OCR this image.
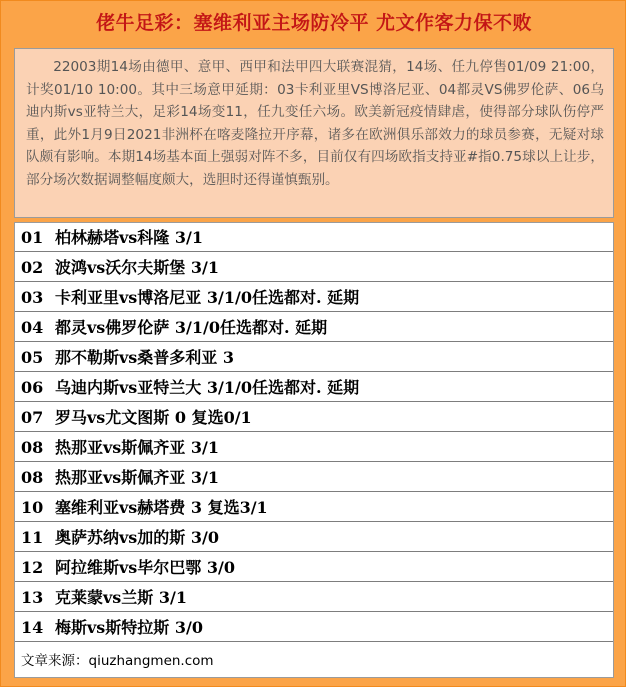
佬牛足彩：塞维利亚主场防冷平 尤文作客力保不败
22003期14场由德甲、意甲、西甲和法甲四大联赛混猜，14场、任九停售01/09 21:00，计奖01/10 10:00。其中三场意甲延期：03卡利亚里VS博洛尼亚、04都灵VS佛罗伦萨、06乌迪内斯vs亚特兰大，足彩14场变11，任九变任六场。欧美新冠疫情肆虐，使得部分球队伤停严重，此外1月9日2021非洲杯在喀麦隆拉开序幕，诸多在欧洲俱乐部效力的球员参赛，无疑对球队颇有影响。本期14场基本面上强弱对阵不多，目前仅有四场欧指支持亚#指0.75球以上让步，部分场次数据调整幅度颇大，选胆时还得谨慎甄别。
01 柏林赫塔vs科隆 3/1
02 波鸿vs沃尔夫斯堡 3/1
03 卡利亚里vs博洛尼亚 3/1/0任选都对. 延期
04 都灵vs佛罗伦萨 3/1/0任选都对. 延期
05 那不勒斯vs桑普多利亚 3
06 乌迪内斯vs亚特兰大 3/1/0任选都对. 延期
07 罗马vs尤文图斯 0 复选0/1
08 热那亚vs斯佩齐亚 3/1
08 热那亚vs斯佩齐亚 3/1
10 塞维利亚vs赫塔费 3 复选3/1
11 奥萨苏纳vs加的斯 3/0
12 阿拉维斯vs毕尔巴鄂 3/0
13 克莱蒙vs兰斯 3/1
14 梅斯vs斯特拉斯 3/0
文章来源：qiuzhangmen.com
